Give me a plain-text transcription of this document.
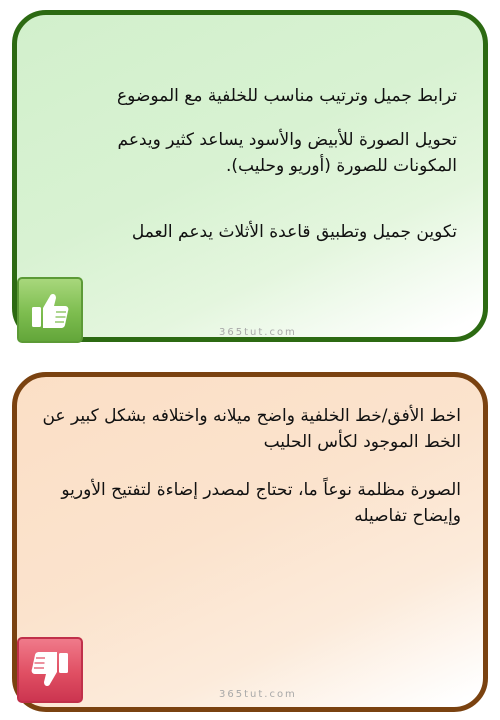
ترابط جميل وترتيب مناسب للخلفية مع الموضوع

تحويل الصورة للأبيض والأسود يساعد كثير ويدعم المكونات للصورة (أوريو وحليب).

تكوين جميل وتطبيق قاعدة الأثلاث يدعم العمل

365tut.com

اخط الأفق/خط الخلفية واضح ميلانه واختلافه بشكل كبير عن الخط الموجود لكأس الحليب

الصورة مظلمة نوعاً ما، تحتاج لمصدر إضاءة لتفتيح الأوريو وإيضاح تفاصيله

365tut.com
